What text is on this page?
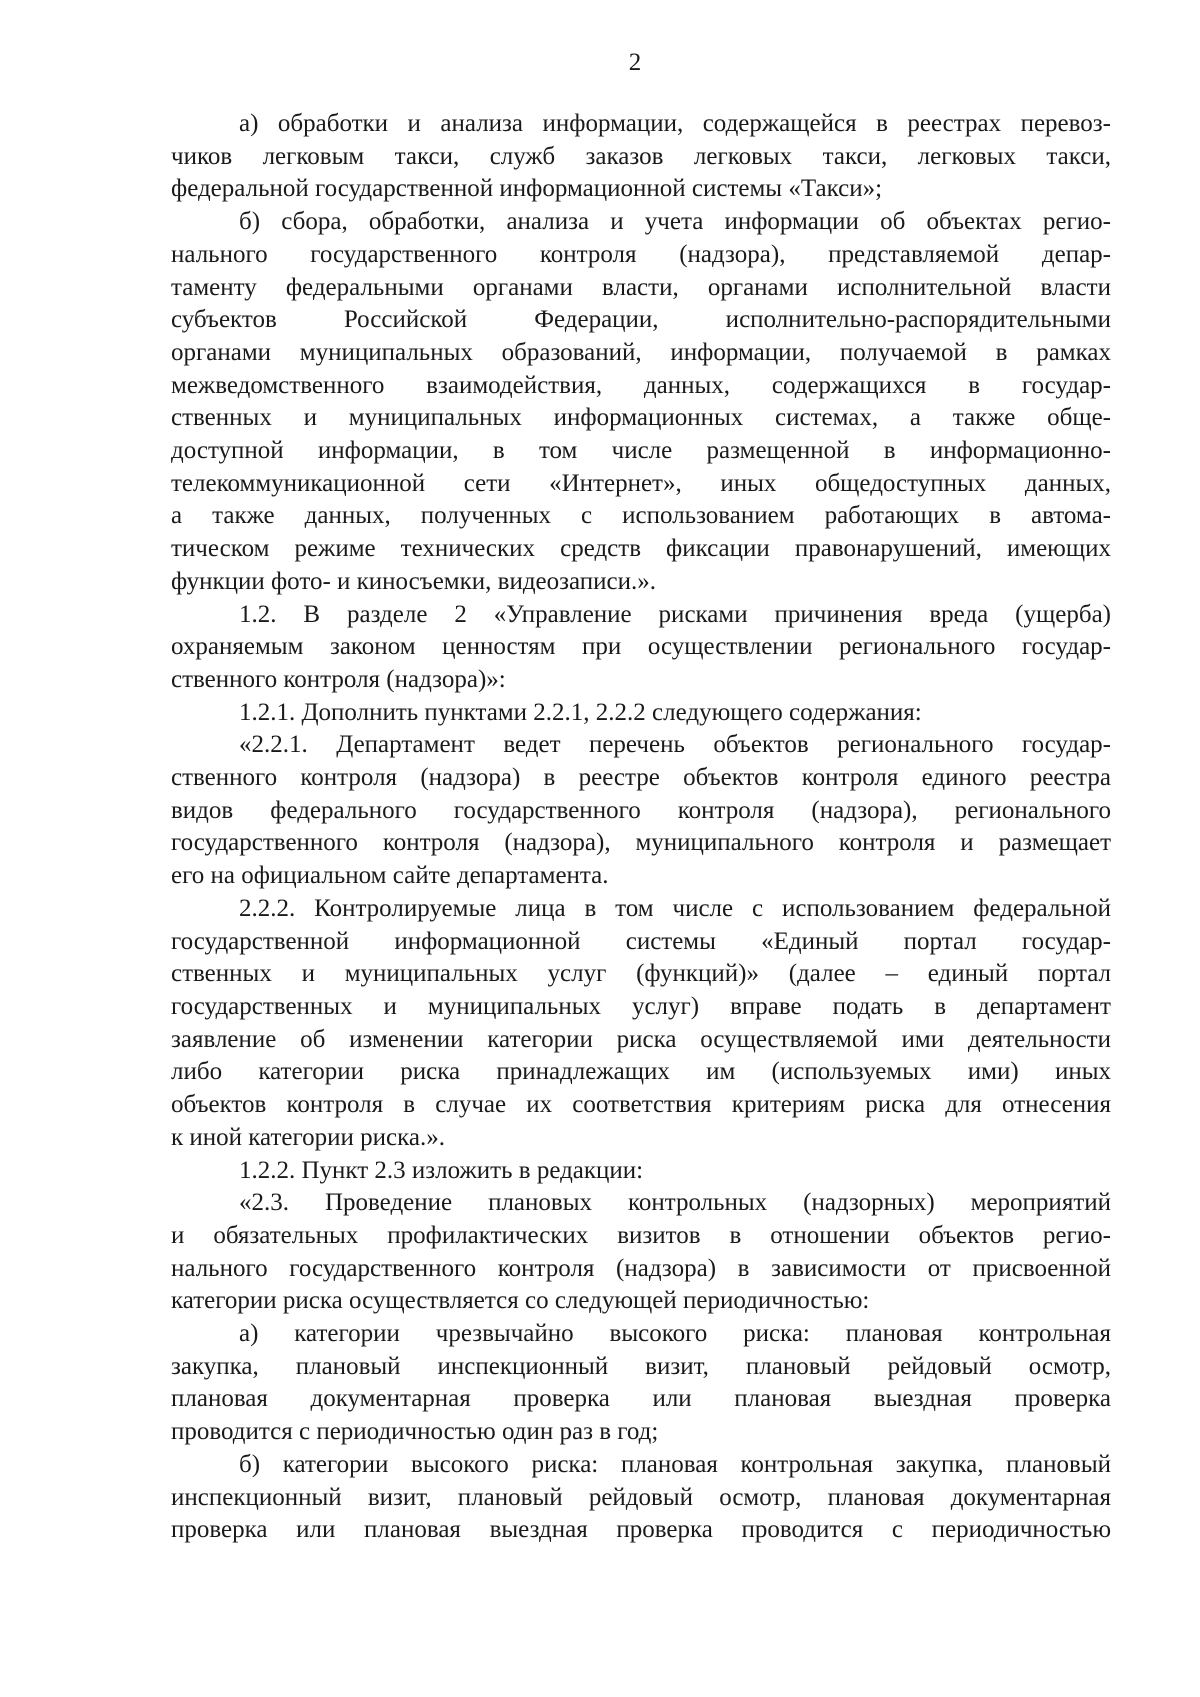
2

а) обработки и анализа информации, содержащейся в реестрах перевоз-

чиков легковым такси, служб заказов легковых такси, легковых такси,

федеральной государственной информационной системы «Такси»;

б) сбора, обработки, анализа и учета информации об объектах регио-

нального государственного контроля (надзора), представляемой депар-

таменту федеральными органами власти, органами исполнительной власти

субъектов Российской Федерации, исполнительно-распорядительными

органами муниципальных образований, информации, получаемой в рамках

межведомственного взаимодействия, данных, содержащихся в государ-

ственных и муниципальных информационных системах, а также обще-

доступной информации, в том числе размещенной в информационно-

телекоммуникационной сети «Интернет», иных общедоступных данных,

а также данных, полученных с использованием работающих в автома-

тическом режиме технических средств фиксации правонарушений, имеющих

функции фото- и киносъемки, видеозаписи.».

1.2. В разделе 2 «Управление рисками причинения вреда (ущерба)

охраняемым законом ценностям при осуществлении регионального государ-

ственного контроля (надзора)»:

1.2.1. Дополнить пунктами 2.2.1, 2.2.2 следующего содержания:

«2.2.1. Департамент ведет перечень объектов регионального государ-

ственного контроля (надзора) в реестре объектов контроля единого реестра

видов федерального государственного контроля (надзора), регионального

государственного контроля (надзора), муниципального контроля и размещает

его на официальном сайте департамента.

2.2.2. Контролируемые лица в том числе с использованием федеральной

государственной информационной системы «Единый портал государ-

ственных и муниципальных услуг (функций)» (далее – единый портал

государственных и муниципальных услуг) вправе подать в департамент

заявление об изменении категории риска осуществляемой ими деятельности

либо категории риска принадлежащих им (используемых ими) иных

объектов контроля в случае их соответствия критериям риска для отнесения

к иной категории риска.».

1.2.2. Пункт 2.3 изложить в редакции:

«2.3. Проведение плановых контрольных (надзорных) мероприятий

и обязательных профилактических визитов в отношении объектов регио-

нального государственного контроля (надзора) в зависимости от присвоенной

категории риска осуществляется со следующей периодичностью:

а) категории чрезвычайно высокого риска: плановая контрольная

закупка, плановый инспекционный визит, плановый рейдовый осмотр,

плановая документарная проверка или плановая выездная проверка

проводится с периодичностью один раз в год;

б) категории высокого риска: плановая контрольная закупка, плановый

инспекционный визит, плановый рейдовый осмотр, плановая документарная

проверка или плановая выездная проверка проводится с периодичностью
